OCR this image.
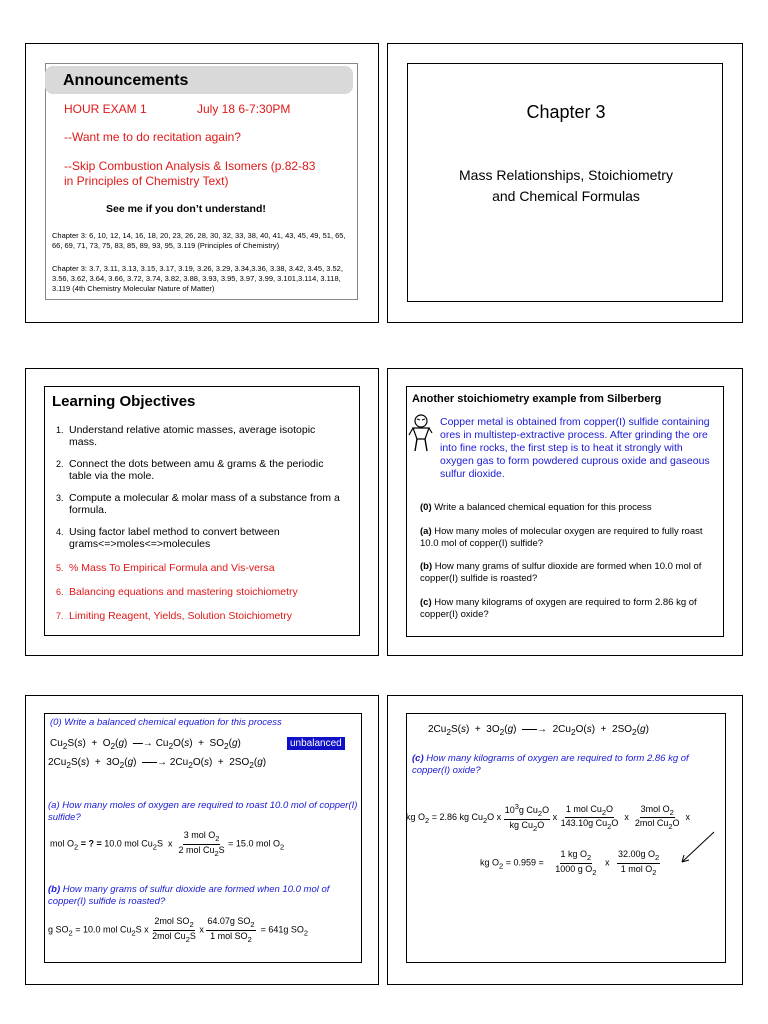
Announcements
HOUR EXAM 1	July 18 6-7:30PM
--Want me to do recitation again?
--Skip Combustion Analysis & Isomers (p.82-83 in Principles of Chemistry Text)
See me if you don’t understand!
Chapter 3: 6, 10, 12, 14, 16, 18, 20, 23, 26, 28, 30, 32, 33, 38, 40, 41, 43, 45, 49, 51, 65, 66, 69, 71, 73, 75, 83, 85, 89, 93, 95, 3.119 (Principles of Chemistry)
Chapter 3: 3.7, 3.11, 3.13, 3.15, 3.17, 3.19, 3.26, 3.29, 3.34,3.36, 3.38, 3.42, 3.45, 3.52, 3.56, 3.62, 3.64, 3.66, 3.72, 3.74, 3.82, 3.88, 3.93, 3.95, 3.97, 3.99, 3.101,3.114, 3.118, 3.119 (4th Chemistry Molecular Nature of Matter)
Chapter 3
Mass Relationships, Stoichiometry and Chemical Formulas
Learning Objectives
1. Understand relative atomic masses, average isotopic mass.
2. Connect the dots between amu & grams & the periodic table via the mole.
3. Compute a molecular & molar mass of a substance from a formula.
4. Using factor label method to convert between grams<=>moles<=>molecules
5. % Mass To Empirical Formula and Vis-versa
6. Balancing equations and mastering stoichiometry
7. Limiting Reagent, Yields, Solution Stoichiometry
Another stoichiometry example from Silberberg
Copper metal is obtained from copper(I) sulfide containing ores in multistep-extractive process. After grinding the ore into fine rocks, the first step is to heat it strongly with oxygen gas to form powdered cuprous oxide and gaseous sulfur dioxide.
(0) Write a balanced chemical equation for this process
(a) How many moles of molecular oxygen are required to fully roast 10.0 mol of copper(I) sulfide?
(b) How many grams of sulfur dioxide are formed when 10.0 mol of copper(I) sulfide is roasted?
(c) How many kilograms of oxygen are required to form 2.86 kg of copper(I) oxide?
(0) Write a balanced chemical equation for this process
$Cu_2S(s) + O_2(g)$  ⎯⎯→ $Cu_2O(s) + SO_2(g)$	unbalanced
$2Cu_2S(s) + 3O_2(g)$  ⎯⎯⎯→ $2Cu_2O(s) + 2SO_2(g)$
(a) How many moles of oxygen are required to roast 10.0 mol of copper(I) sulfide?
mol $O_2$ = ? = 10.0 mol $Cu_2S$  x $\frac{3 mol O_2}{2 mol Cu_2S} = 15.0$ mol $O_2$
(b) How many grams of sulfur dioxide are formed when 10.0 mol of copper(I) sulfide is roasted?
g $SO_2 = 10.0$ mol $Cu_2S$ x $\frac{2mol SO_2}{2mol Cu_2S}$ x $\frac{64.07g SO_2}{1 mol SO_2} = 641g$ $SO_2$
$2Cu_2S(s) + 3O_2(g)$  ⎯⎯⎯→  $2Cu_2O(s) + 2SO_2(g)$
(c) How many kilograms of oxygen are required to form 2.86 kg of copper(I) oxide?
kg $O_2 = 2.86$ kg $Cu_2O$ x $\frac{10^3g Cu_2O}{kg Cu_2O}$ x $\frac{1 mol Cu_2O}{143.10g Cu_2O}$ x $\frac{3mol O_2}{2mol Cu_2O}$ x
kg $O_2 = 0.959 = \frac{1 kg O_2}{1000 g O_2}$ x $\frac{32.00g O_2}{1 mol O_2}$
